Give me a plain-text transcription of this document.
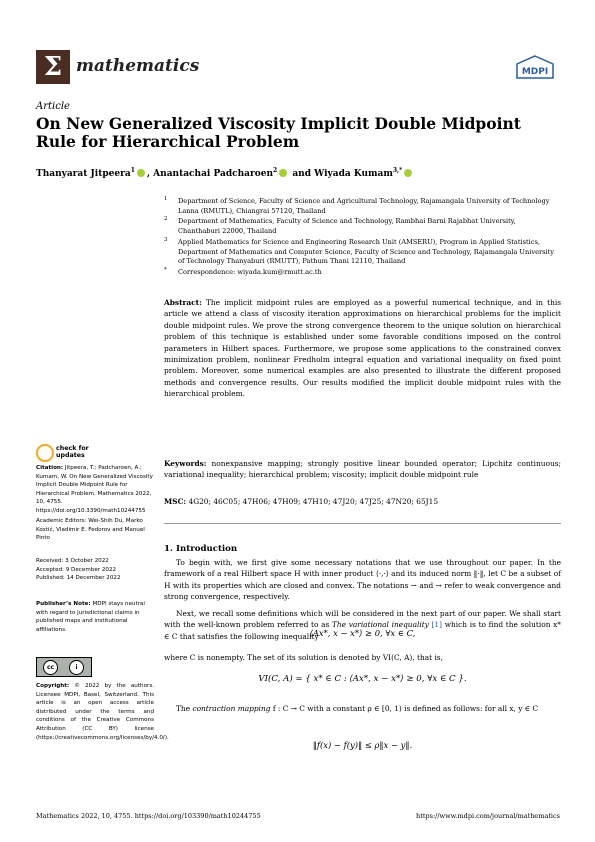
Σ mathematics	MDPI
Article
On New Generalized Viscosity Implicit Double Midpoint Rule for Hierarchical Problem
Thanyarat Jitpeera$^1$ , Anantachai Padcharoen$^2$ and Wiyada Kumam$^{3,*}$
1 Department of Science, Faculty of Science and Agricultural Technology, Rajamangala University of Technology Lanna (RMUTL), Chiangrai 57120, Thailand
2 Department of Mathematics, Faculty of Science and Technology, Rambhai Barni Rajabhat University, Chanthaburi 22000, Thailand
3 Applied Mathematics for Science and Engineering Research Unit (AMSERU), Program in Applied Statistics, Department of Mathematics and Computer Science, Faculty of Science and Technology, Rajamangala University of Technology Thanyaburi (RMUTT), Pathum Thani 12110, Thailand
* Correspondence: wiyada.kum@rmutt.ac.th
Abstract: The implicit midpoint rules are employed as a powerful numerical technique, and in this article we attend a class of viscosity iteration approximations on hierarchical problems for the implicit double midpoint rules. We prove the strong convergence theorem to the unique solution on hierarchical problem of this technique is established under some favorable conditions imposed on the control parameters in Hilbert spaces. Furthermore, we propose some applications to the constrained convex minimization problem, nonlinear Fredholm integral equation and variational inequality on fixed point problem. Moreover, some numerical examples are also presented to illustrate the different proposed methods and convergence results. Our results modified the implicit double midpoint rules with the hierarchical problem.
Keywords: nonexpansive mapping; strongly positive linear bounded operator; Lipchitz continuous; variational inequality; hierarchical problem; viscosity; implicit double midpoint rule
MSC: 4G20; 46C05; 47H06; 47H09; 47H10; 47J20; 47J25; 47N20; 65J15
1. Introduction
To begin with, we first give some necessary notations that we use throughout our paper. In the framework of a real Hilbert space H with inner product ⟨·,·⟩ and its induced norm ‖·‖, let C be a subset of H with its properties which are closed and convex. The notations ⇀ and → refer to weak convergence and strong convergence, respectively.
Next, we recall some definitions which will be considered in the next part of our paper. We shall start with the well-known problem referred to as The variational inequality [1] which is to find the solution x* ∈ C that satisfies the following inequality
⟨Ax*, x − x*⟩ ≥ 0, ∀x ∈ C,
where C is nonempty. The set of its solution is denoted by VI(C, A), that is,
VI(C, A) = { x* ∈ C : ⟨Ax*, x − x*⟩ ≥ 0, ∀x ∈ C }.
The contraction mapping f : C → C with a constant ρ ∈ [0, 1) is defined as follows: for all x, y ∈ C
‖f(x) − f(y)‖ ≤ ρ‖x − y‖.
check for updates
Citation: Jitpeera, T.; Padcharoen, A.; Kumam, W. On New Generalized Viscosity Implicit Double Midpoint Rule for Hierarchical Problem. Mathematics 2022, 10, 4755. https://doi.org/10.3390/math10244755
Academic Editors: Wei-Shih Du, Marko Kostić, Vladimir E. Fedorov and Manuel Pinto
Received: 3 October 2022
Accepted: 9 December 2022
Published: 14 December 2022
Publisher’s Note: MDPI stays neutral with regard to jurisdictional claims in published maps and institutional affiliations.
cc	i
Copyright: © 2022 by the authors. Licensee MDPI, Basel, Switzerland. This article is an open access article distributed under the terms and conditions of the Creative Commons Attribution (CC BY) license (https://creativecommons.org/licenses/by/4.0/).
Mathematics 2022, 10, 4755. https://doi.org/103390/math10244755	https://www.mdpi.com/journal/mathematics
